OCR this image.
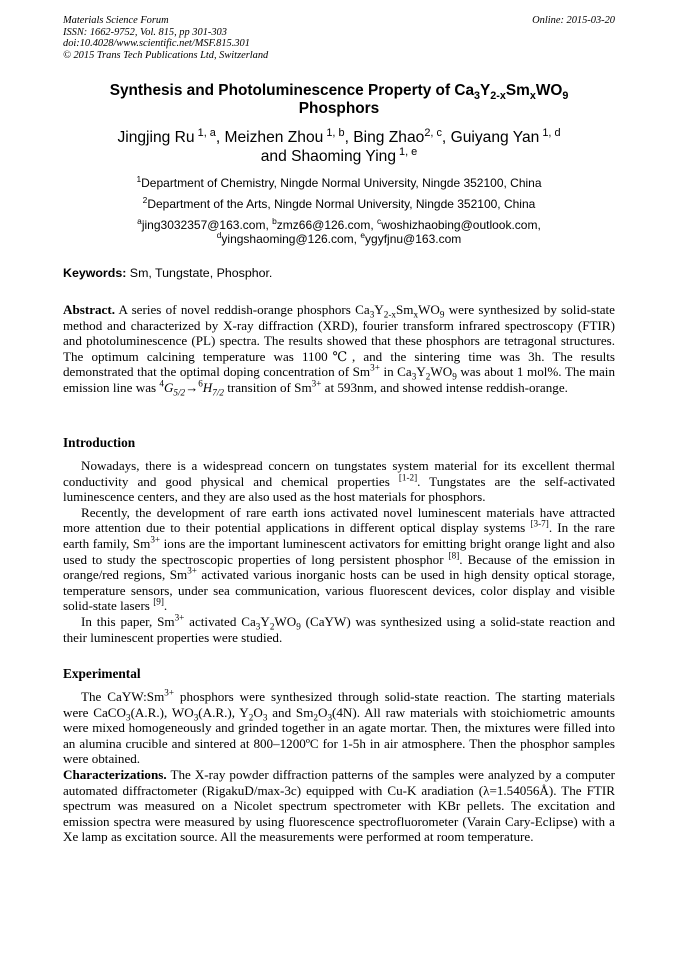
Materials Science Forum
ISSN: 1662-9752, Vol. 815, pp 301-303
doi:10.4028/www.scientific.net/MSF.815.301
© 2015 Trans Tech Publications Ltd, Switzerland
Online: 2015-03-20
Synthesis and Photoluminescence Property of $Ca_3Y_{2-x}Sm_xWO_9$
Phosphors
Jingjing Ru $^{1, a}$, Meizhen Zhou $^{1, b}$, Bing Zhao$^{2, c}$, Guiyang Yan $^{1, d}$
and Shaoming Ying $^{1, e}$
$^1$Department of Chemistry, Ningde Normal University, Ningde 352100, China
$^2$Department of the Arts, Ningde Normal University, Ningde 352100, China
$^a$jing3032357@163.com, $^b$zmz66@126.com, $^c$woshizhaobing@outlook.com,
$^d$yingshaoming@126.com, $^e$ygyfjnu@163.com
Keywords: Sm, Tungstate, Phosphor.
Abstract. A series of novel reddish-orange phosphors $Ca_3Y_{2-x}Sm_xWO_9$ were synthesized by solid-state method and characterized by X-ray diffraction (XRD), fourier transform infrared spectroscopy (FTIR) and photoluminescence (PL) spectra. The results showed that these phosphors are tetragonal structures. The optimum calcining temperature was 1100℃, and the sintering time was 3h. The results demonstrated that the optimal doping concentration of $Sm^{3+}$ in $Ca_3Y_2WO_9$ was about 1 mol%. The main emission line was $^4G_{5/2}\to^6H_{7/2}$ transition of $Sm^{3+}$ at 593nm, and showed intense reddish-orange.
Introduction

Nowadays, there is a widespread concern on tungstates system material for its excellent thermal conductivity and good physical and chemical properties [1-2]. Tungstates are the self-activated luminescence centers, and they are also used as the host materials for phosphors.

Recently, the development of rare earth ions activated novel luminescent materials have attracted more attention due to their potential applications in different optical display systems [3-7]. In the rare earth family, $Sm^{3+}$ ions are the important luminescent activators for emitting bright orange light and also used to study the spectroscopic properties of long persistent phosphor [8]. Because of the emission in orange/red regions, $Sm^{3+}$ activated various inorganic hosts can be used in high density optical storage, temperature sensors, under sea communication, various fluorescent devices, color display and visible solid-state lasers [9].

In this paper, $Sm^{3+}$ activated $Ca_3Y_2WO_9$ (CaYW) was synthesized using a solid-state reaction and their luminescent properties were studied.

Experimental

The $CaYW:Sm^{3+}$ phosphors were synthesized through solid-state reaction. The starting materials were CaCO$_3$(A.R.), $WO_3(A.R.)$, $Y_2O_3$ and $Sm_2O_3(4N)$. All raw materials with stoichiometric amounts were mixed homogeneously and grinded together in an agate mortar. Then, the mixtures were filled into an alumina crucible and sintered at 800–1200ºC for 1-5h in air atmosphere. Then the phosphor samples were obtained.

Characterizations. The X-ray powder diffraction patterns of the samples were analyzed by a computer automated diffractometer (RigakuD/max-3c) equipped with Cu-K aradiation (λ=1.54056Å). The FTIR spectrum was measured on a Nicolet spectrum spectrometer with KBr pellets. The excitation and emission spectra were measured by using fluorescence spectrofluorometer (Varain Cary-Eclipse) with a Xe lamp as excitation source. All the measurements were performed at room temperature.
